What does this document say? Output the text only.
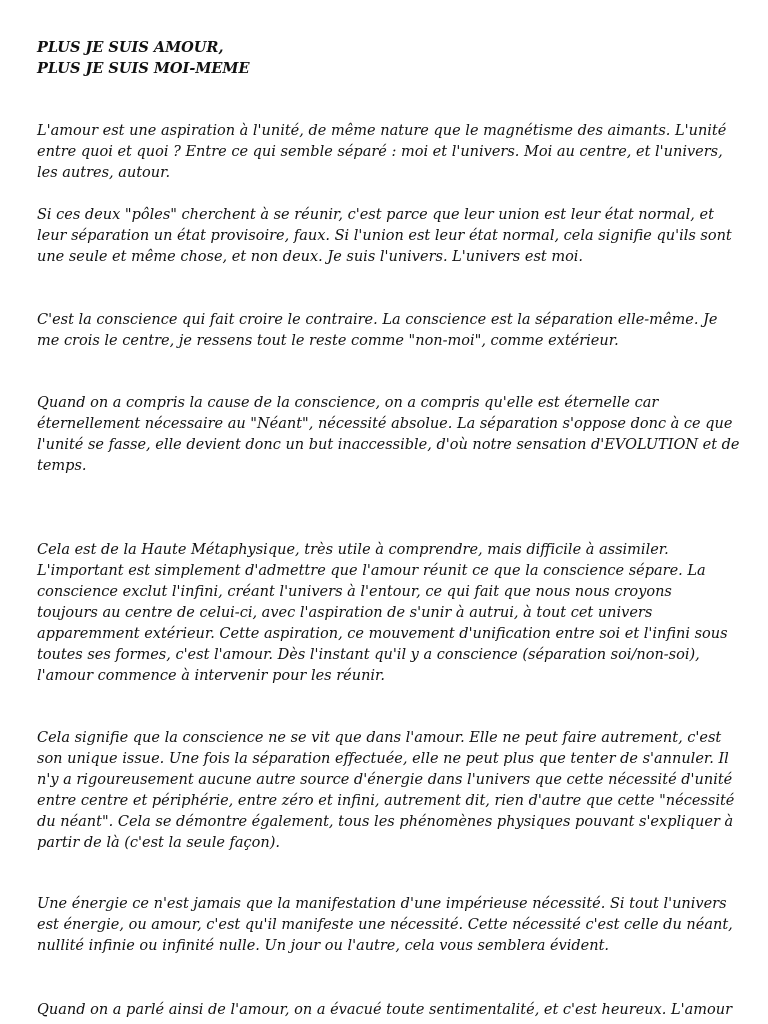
PLUS JE SUIS AMOUR,

PLUS JE SUIS MOI-MEME

L'amour est une aspiration à l'unité, de même nature que le magnétisme des aimants. L'unité

entre quoi et quoi ? Entre ce qui semble séparé : moi et l'univers. Moi au centre, et l'univers,

les autres, autour.

Si ces deux "pôles" cherchent à se réunir, c'est parce que leur union est leur état normal, et

leur séparation un état provisoire, faux. Si l'union est leur état normal, cela signifie qu'ils sont

une seule et même chose, et non deux. Je suis l'univers. L'univers est moi.

C'est la conscience qui fait croire le contraire. La conscience est la séparation elle-même. Je

me crois le centre, je ressens tout le reste comme "non-moi", comme extérieur.

Quand on a compris la cause de la conscience, on a compris qu'elle est éternelle car

éternellement nécessaire au "Néant", nécessité absolue. La séparation s'oppose donc à ce que

l'unité se fasse, elle devient donc un but inaccessible, d'où notre sensation d'EVOLUTION et de

temps.

Cela est de la Haute Métaphysique, très utile à comprendre, mais difficile à assimiler.

L'important est simplement d'admettre que l'amour réunit ce que la conscience sépare. La

conscience exclut l'infini, créant l'univers à l'entour, ce qui fait que nous nous croyons

toujours au centre de celui-ci, avec l'aspiration de s'unir à autrui, à tout cet univers

apparemment extérieur. Cette aspiration, ce mouvement d'unification entre soi et l'infini sous

toutes ses formes, c'est l'amour. Dès l'instant qu'il y a conscience (séparation soi/non-soi),

l'amour commence à intervenir pour les réunir.

Cela signifie que la conscience ne se vit que dans l'amour. Elle ne peut faire autrement, c'est

son unique issue. Une fois la séparation effectuée, elle ne peut plus que tenter de s'annuler. Il

n'y a rigoureusement aucune autre source d'énergie dans l'univers que cette nécessité d'unité

entre centre et périphérie, entre zéro et infini, autrement dit, rien d'autre que cette "nécessité

du néant". Cela se démontre également, tous les phénomènes physiques pouvant s'expliquer à

partir de là (c'est la seule façon).

Une énergie ce n'est jamais que la manifestation d'une impérieuse nécessité. Si tout l'univers

est énergie, ou amour, c'est qu'il manifeste une nécessité. Cette nécessité c'est celle du néant,

nullité infinie ou infinité nulle. Un jour ou l'autre, cela vous semblera évident.

Quand on a parlé ainsi de l'amour, on a évacué toute sentimentalité, et c'est heureux. L'amour
